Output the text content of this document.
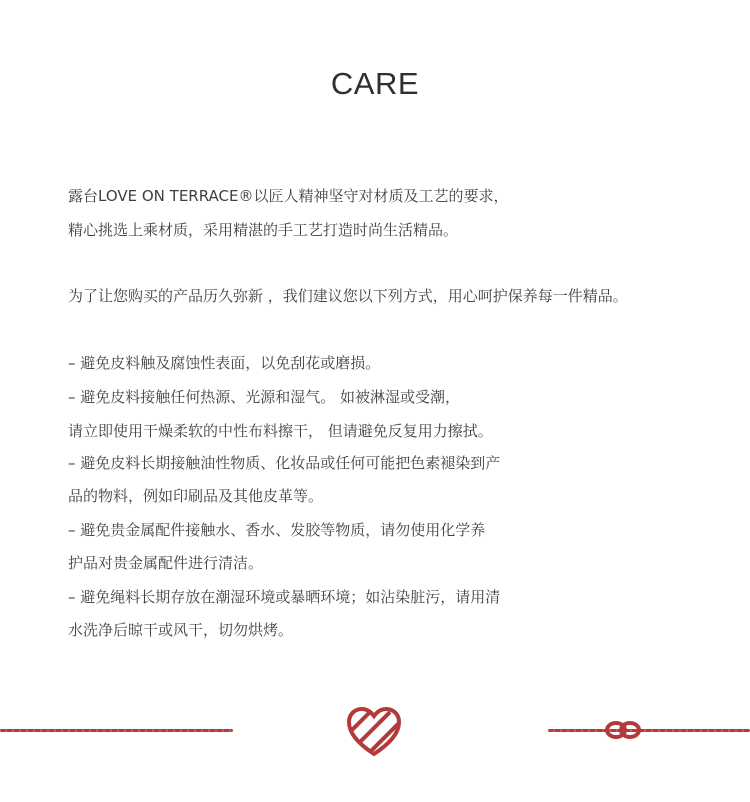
CARE
露台LOVE ON TERRACE®以匠人精神坚守对材质及工艺的要求，
精心挑选上乘材质，采用精湛的手工艺打造时尚生活精品。
为了让您购买的产品历久弥新 ，我们建议您以下列方式，用心呵护保养每一件精品。
– 避免皮料触及腐蚀性表面，以免刮花或磨损。
– 避免皮料接触任何热源、光源和湿气。 如被淋湿或受潮，
请立即使用干燥柔软的中性布料擦干， 但请避免反复用力擦拭。
– 避免皮料长期接触油性物质、化妆品或任何可能把色素褪染到产
品的物料，例如印刷品及其他皮革等。
– 避免贵金属配件接触水、香水、发胶等物质，请勿使用化学养
护品对贵金属配件进行清洁。
– 避免绳料长期存放在潮湿环境或暴晒环境；如沾染脏污，请用清
水洗净后晾干或风干，切勿烘烤。
